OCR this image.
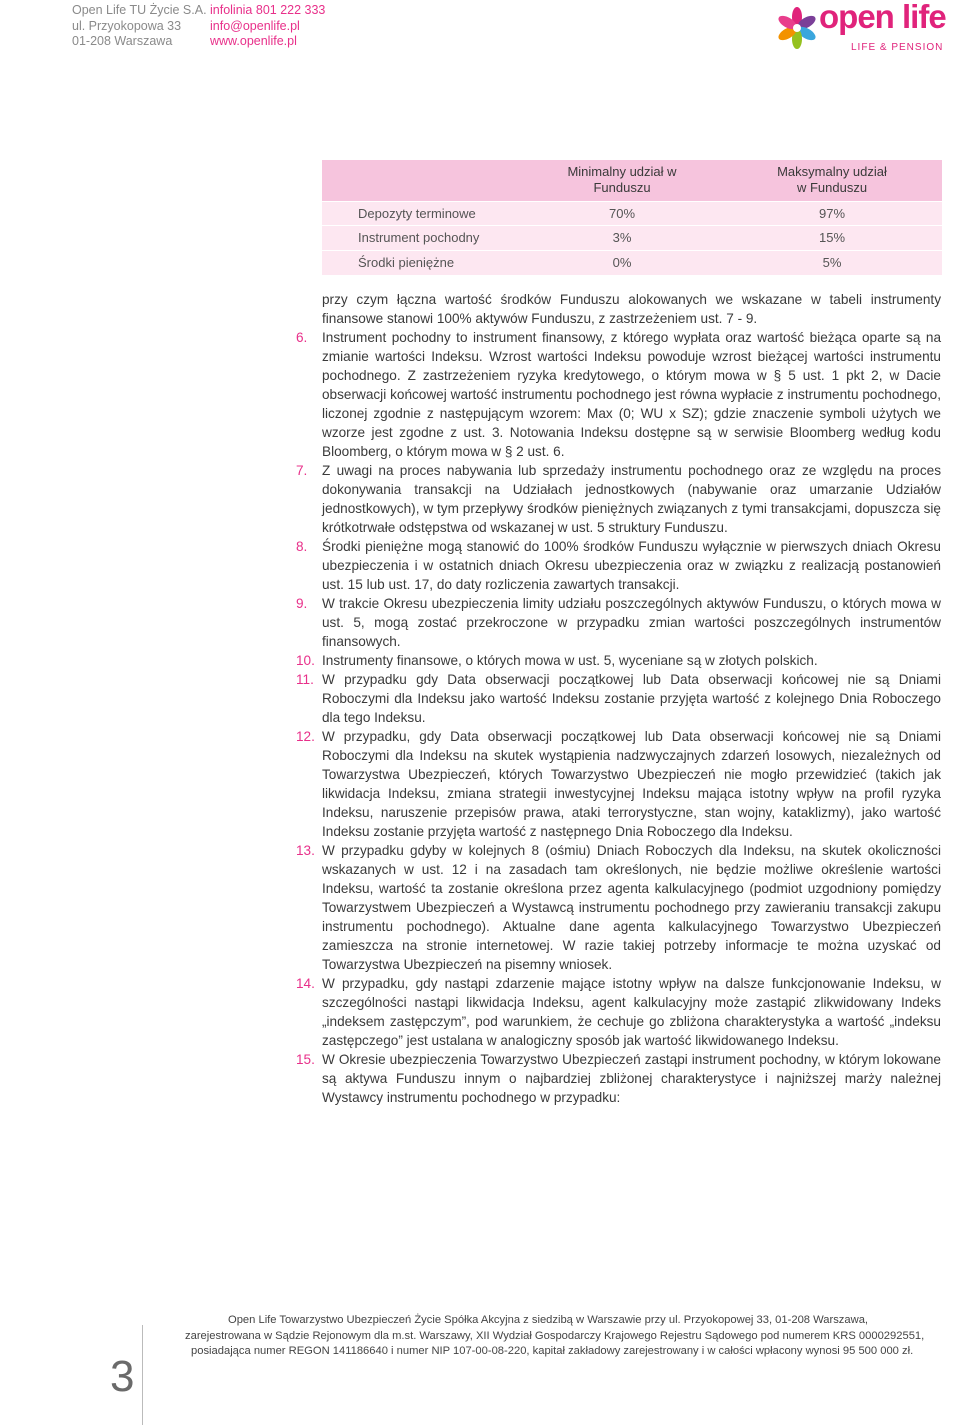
Open Life TU Życie S.A.
ul. Przyokopowa 33
01-208 Warszawa
infolinia 801 222 333
info@openlife.pl
www.openlife.pl
open life
LIFE & PENSION
	Minimalny udział w Funduszu	Maksymalny udział w Funduszu
Depozyty terminowe	70%	97%
Instrument pochodny	3%	15%
Środki pieniężne	0%	5%
przy czym łączna wartość środków Funduszu alokowanych we wskazane w tabeli instrumenty finansowe stanowi 100% aktywów Funduszu, z zastrzeżeniem ust. 7 - 9.
6.	Instrument pochodny to instrument finansowy, z którego wypłata oraz wartość bieżąca oparte są na zmianie wartości Indeksu. Wzrost wartości Indeksu powoduje wzrost bieżącej wartości instrumentu pochodnego. Z zastrzeżeniem ryzyka kredytowego, o którym mowa w § 5 ust. 1 pkt 2, w Dacie obserwacji końcowej wartość instrumentu pochodnego jest równa wypłacie z instrumentu pochodnego, liczonej zgodnie z następującym wzorem: Max (0; WU x SZ); gdzie znaczenie symboli użytych we wzorze jest zgodne z ust. 3. Notowania Indeksu dostępne są w serwisie Bloomberg według kodu Bloomberg, o którym mowa w § 2 ust. 6.
7.	Z uwagi na proces nabywania lub sprzedaży instrumentu pochodnego oraz ze względu na proces dokonywania transakcji na Udziałach jednostkowych (nabywanie oraz umarzanie Udziałów jednostkowych), w tym przepływy środków pieniężnych związanych z tymi transakcjami, dopuszcza się krótkotrwałe odstępstwa od wskazanej w ust. 5 struktury Funduszu.
8.	Środki pieniężne mogą stanowić do 100% środków Funduszu wyłącznie w pierwszych dniach Okresu ubezpieczenia i w ostatnich dniach Okresu ubezpieczenia oraz w związku z realizacją postanowień ust. 15 lub ust. 17, do daty rozliczenia zawartych transakcji.
9.	W trakcie Okresu ubezpieczenia limity udziału poszczególnych aktywów Funduszu, o których mowa w ust. 5, mogą zostać przekroczone w przypadku zmian wartości poszczególnych instrumentów finansowych.
10. Instrumenty finansowe, o których mowa w ust. 5, wyceniane są w złotych polskich.
11. W przypadku gdy Data obserwacji początkowej lub Data obserwacji końcowej nie są Dniami Roboczymi dla Indeksu jako wartość Indeksu zostanie przyjęta wartość z kolejnego Dnia Roboczego dla tego Indeksu.
12. W przypadku, gdy Data obserwacji początkowej lub Data obserwacji końcowej nie są Dniami Roboczymi dla Indeksu na skutek wystąpienia nadzwyczajnych zdarzeń losowych, niezależnych od Towarzystwa Ubezpieczeń, których Towarzystwo Ubezpieczeń nie mogło przewidzieć (takich jak likwidacja Indeksu, zmiana strategii inwestycyjnej Indeksu mająca istotny wpływ na profil ryzyka Indeksu, naruszenie przepisów prawa, ataki terrorystyczne, stan wojny, kataklizmy), jako wartość Indeksu zostanie przyjęta wartość z następnego Dnia Roboczego dla Indeksu.
13. W przypadku gdyby w kolejnych 8 (ośmiu) Dniach Roboczych dla Indeksu, na skutek okoliczności wskazanych w ust. 12 i na zasadach tam określonych, nie będzie możliwe określenie wartości Indeksu, wartość ta zostanie określona przez agenta kalkulacyjnego (podmiot uzgodniony pomiędzy Towarzystwem Ubezpieczeń a Wystawcą instrumentu pochodnego przy zawieraniu transakcji zakupu instrumentu pochodnego). Aktualne dane agenta kalkulacyjnego Towarzystwo Ubezpieczeń zamieszcza na stronie internetowej. W razie takiej potrzeby informacje te można uzyskać od Towarzystwa Ubezpieczeń na pisemny wniosek.
14. W przypadku, gdy nastąpi zdarzenie mające istotny wpływ na dalsze funkcjonowanie Indeksu, w szczególności nastąpi likwidacja Indeksu, agent kalkulacyjny może zastąpić zlikwidowany Indeks „indeksem zastępczym”, pod warunkiem, że cechuje go zbliżona charakterystyka a wartość „indeksu zastępczego” jest ustalana w analogiczny sposób jak wartość likwidowanego Indeksu.
15. W Okresie ubezpieczenia Towarzystwo Ubezpieczeń zastąpi instrument pochodny, w którym lokowane są aktywa Funduszu innym o najbardziej zbliżonej charakterystyce i najniższej marży należnej Wystawcy instrumentu pochodnego w przypadku:
3
Open Life Towarzystwo Ubezpieczeń Życie Spółka Akcyjna z siedzibą w Warszawie przy ul. Przyokopowej 33, 01-208 Warszawa,
zarejestrowana w Sądzie Rejonowym dla m.st. Warszawy, XII Wydział Gospodarczy Krajowego Rejestru Sądowego pod numerem KRS 0000292551,
posiadająca numer REGON 141186640 i numer NIP 107-00-08-220, kapitał zakładowy zarejestrowany i w całości wpłacony wynosi 95 500 000 zł.
